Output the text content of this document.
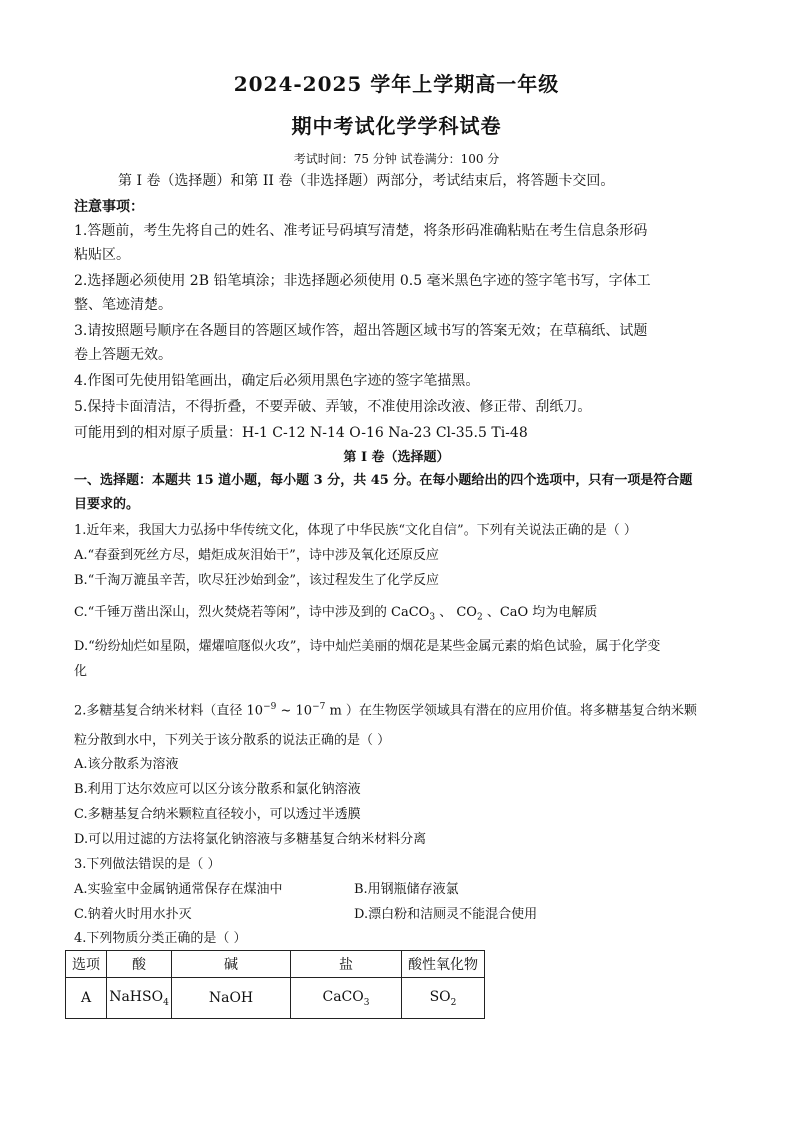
2024-2025 学年上学期高一年级
期中考试化学学科试卷
考试时间：75 分钟 试卷满分：100 分
第 I 卷（选择题）和第 II 卷（非选择题）两部分，考试结束后，将答题卡交回。
注意事项：
1.答题前，考生先将自己的姓名、准考证号码填写清楚，将条形码准确粘贴在考生信息条形码
粘贴区。
2.选择题必须使用 2B 铅笔填涂；非选择题必须使用 0.5 毫米黑色字迹的签字笔书写，字体工
整、笔迹清楚。
3.请按照题号顺序在各题目的答题区域作答，超出答题区域书写的答案无效；在草稿纸、试题
卷上答题无效。
4.作图可先使用铅笔画出，确定后必须用黑色字迹的签字笔描黑。
5.保持卡面清洁，不得折叠，不要弄破、弄皱，不准使用涂改液、修正带、刮纸刀。
可能用到的相对原子质量：H-1 C-12 N-14 O-16 Na-23 Cl-35.5 Ti-48
第 I 卷（选择题）
一、选择题：本题共 15 道小题，每小题 3 分，共 45 分。在每小题给出的四个选项中，只有一项是符合题
目要求的。
1.近年来，我国大力弘扬中华传统文化，体现了中华民族“文化自信”。下列有关说法正确的是（ ）
A.“春蚕到死丝方尽，蜡炬成灰泪始干”，诗中涉及氧化还原反应
B.“千淘万漉虽辛苦，吹尽狂沙始到金”，该过程发生了化学反应
C.“千锤万凿出深山，烈火焚烧若等闲”，诗中涉及到的 CaCO$_3$ 、 $CO_2$ 、CaO 均为电解质
D.“纷纷灿烂如星陨，燿燿喧豗似火攻”，诗中灿烂美丽的烟花是某些金属元素的焰色试验，属于化学变
化
2.多糖基复合纳米材料（直径 $10^{-9}$ ~ $10^{-7}$ m ）在生物医学领域具有潜在的应用价值。将多糖基复合纳米颗
粒分散到水中，下列关于该分散系的说法正确的是（ ）
A.该分散系为溶液
B.利用丁达尔效应可以区分该分散系和氯化钠溶液
C.多糖基复合纳米颗粒直径较小，可以透过半透膜
D.可以用过滤的方法将氯化钠溶液与多糖基复合纳米材料分离
3.下列做法错误的是（ ）
A.实验室中金属钠通常保存在煤油中	B.用钢瓶储存液氯
C.钠着火时用水扑灭	D.漂白粉和洁厕灵不能混合使用
4.下列物质分类正确的是（ ）
选项	酸	碱	盐	酸性氧化物
A	NaHSO$_4$	NaOH	CaCO$_3$	$SO_2$
